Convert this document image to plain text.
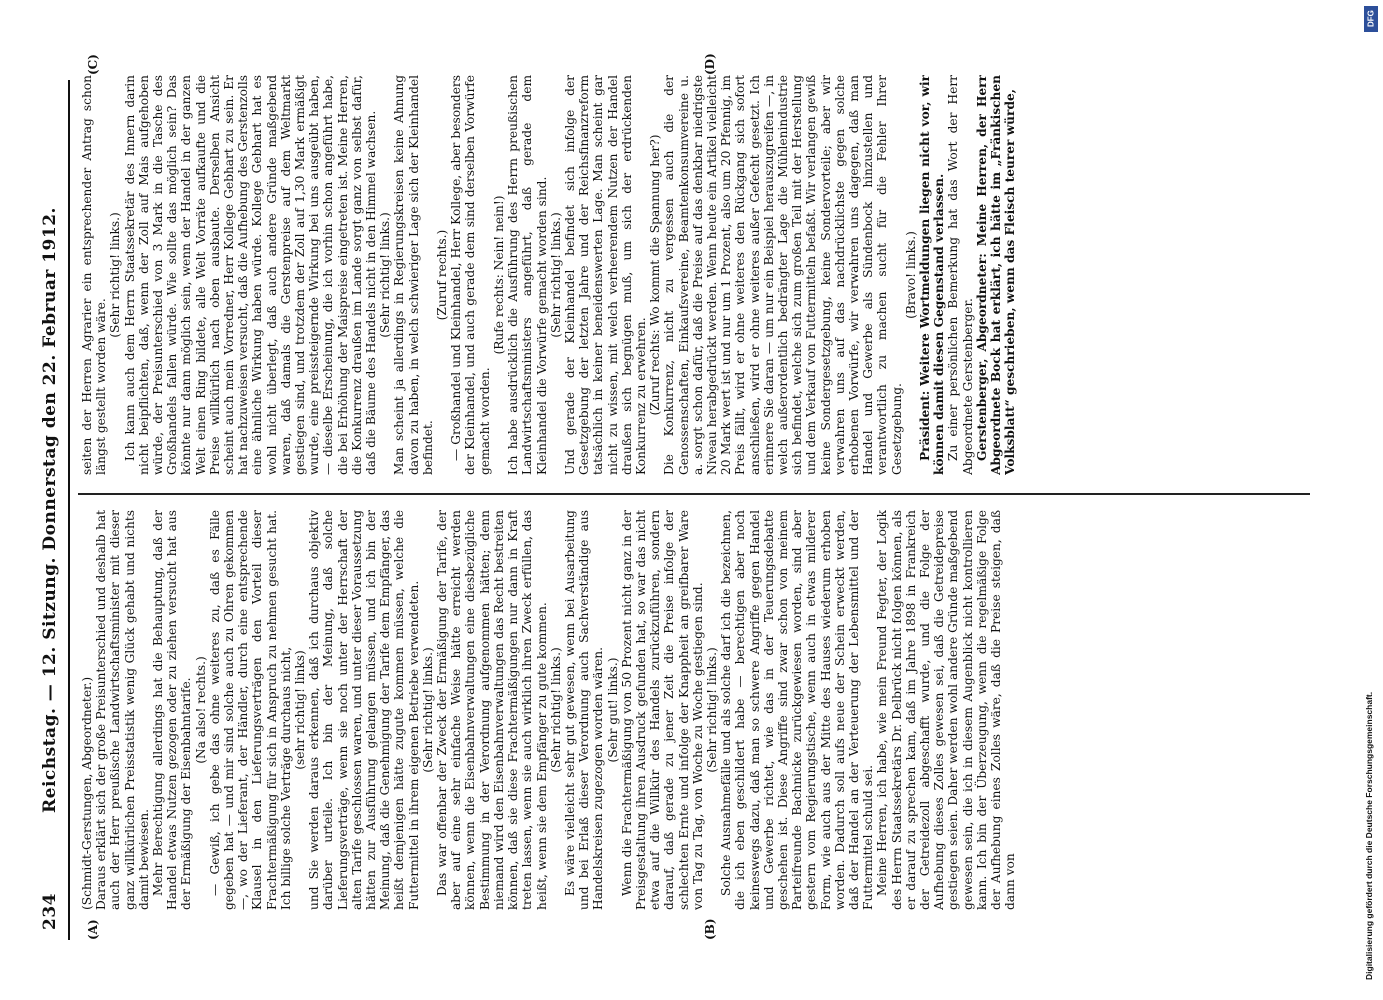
234
Reichstag. — 12. Sitzung. Donnerstag den 22. Februar 1912.
(A)	(B)
(C)	(D)

(Schmidt-Gerstungen, Abgeordneter.) Daraus erklärt sich der große Preisunterschied und deshalb hat auch der Herr preußische Landwirtschaftsminister mit dieser ganz willkürlichen Preisstatistik wenig Glück gehabt und nichts damit bewiesen. Mehr Berechtigung allerdings hat die Behauptung, daß der Handel etwas Nutzen gezogen oder zu ziehen versucht hat aus der Ermäßigung der Eisenbahntarife. (Na also! rechts.) — Gewiß, ich gebe das ohne weiteres zu, daß es Fälle gegeben hat — und mir sind solche auch zu Ohren gekommen —, wo der Lieferant, der Händler, durch eine entsprechende Klausel in den Lieferungsverträgen den Vorteil dieser Frachtermäßigung für sich in Anspruch zu nehmen gesucht hat. Ich billige solche Verträge durchaus nicht, (sehr richtig! links) und Sie werden daraus erkennen, daß ich durchaus objektiv darüber urteile. Ich bin der Meinung, daß solche Lieferungsverträge, wenn sie noch unter der Herrschaft der alten Tarife geschlossen waren, und unter dieser Voraussetzung hätten zur Ausführung gelangen müssen, und ich bin der Meinung, daß die Genehmigung der Tarife dem Empfänger, das heißt demjenigen hätte zugute kommen müssen, welche die Futtermittel in ihrem eigenen Betriebe verwendeten. (Sehr richtig! links.) Das war offenbar der Zweck der Ermäßigung der Tarife, der aber auf eine sehr einfache Weise hätte erreicht werden können, wenn die Eisenbahnverwaltungen eine diesbezügliche Bestimmung in der Verordnung aufgenommen hätten; denn niemand wird den Eisenbahnverwaltungen das Recht bestreiten können, daß sie diese Frachtermäßigungen nur dann in Kraft treten lassen, wenn sie auch wirklich ihren Zweck erfüllen, das heißt, wenn sie dem Empfänger zu gute kommen. (Sehr richtig! links.) Es wäre vielleicht sehr gut gewesen, wenn bei Ausarbeitung und bei Erlaß dieser Verordnung auch Sachverständige aus Handelskreisen zugezogen worden wären. (Sehr gut! links.) Wenn die Frachtermäßigung von 50 Prozent nicht ganz in der Preisgestaltung ihren Ausdruck gefunden hat, so war das nicht etwa auf die Willkür des Handels zurückzuführen, sondern darauf, daß gerade zu jener Zeit die Preise infolge der schlechten Ernte und infolge der Knappheit an greifbarer Ware von Tag zu Tag, von Woche zu Woche gestiegen sind. (Sehr richtig! links.) Solche Ausnahmefälle und als solche darf ich die bezeichnen, die ich eben geschildert habe — berechtigen aber noch keineswegs dazu, daß man so schwere Angriffe gegen Handel und Gewerbe richtet, wie das in der Teuerungsdebatte geschehen ist. Diese Angriffe sind zwar schon von meinem Parteifreunde Bachnicke zurückgewiesen worden, sind aber gestern vom Regierungstische, wenn auch in etwas milderer Form, wie auch aus der Mitte des Hauses wiederum erhoben worden. Dadurch soll aufs neue der Schein erweckt werden, daß der Handel an der Verteuerung der Lebensmittel und der Futtermittel schuld sei. Meine Herren, ich habe, wie mein Freund Fegter, der Logik des Herrn Staatssekretärs Dr. Delbrück nicht folgen können, als er darauf zu sprechen kam, daß im Jahre 1898 in Frankreich der Getreidezoll abgeschafft wurde, und die Folge der Aufhebung dieses Zolles gewesen sei, daß die Getreidepreise gestiegen seien. Daher werden wohl andere Gründe maßgebend gewesen sein, die ich in diesem Augenblick nicht kontrollieren kann. Ich bin der Überzeugung, wenn die regelmäßige Folge der Aufhebung eines Zolles wäre, daß die Preise steigen, daß dann von

seiten der Herren Agrarier ein entsprechender Antrag schon längst gestellt worden wäre.

(Sehr richtig! links.) Ich kann auch dem Herrn Staatssekretär des Innern darin nicht beipflichten, daß, wenn der Zoll auf Mais aufgehoben würde, der Preisunterschied von 3 Mark in die Tasche des Großhandels fallen würde. Wie sollte das möglich sein? Das könnte nur dann möglich sein, wenn der Handel in der ganzen Welt einen Ring bildete, alle Welt Vorräte aufkaufte und die Preise willkürlich nach oben ausbaute. Derselben Ansicht scheint auch mein Vorredner, Herr Kollege Gebhart zu sein. Er hat nachzuweisen versucht, daß die Aufhebung des Gerstenzolls eine ähnliche Wirkung haben würde. Kollege Gebhart hat es wohl nicht überlegt, daß auch andere Gründe maßgebend waren, daß damals die Gerstenpreise auf dem Weltmarkt gestiegen sind, und trotzdem der Zoll auf 1,30 Mark ermäßigt wurde, eine preissteigernde Wirkung bei uns ausgeübt haben, — dieselbe Erscheinung, die ich vorhin schon angeführt habe, die bei Erhöhung der Maispreise eingetreten ist. Meine Herren, die Konkurrenz draußen im Lande sorgt ganz von selbst dafür, daß die Bäume des Handels nicht in den Himmel wachsen. (Sehr richtig! links.) Man scheint ja allerdings in Regierungskreisen keine Ahnung davon zu haben, in welch schwieriger Lage sich der Kleinhandel befindet.

(Zuruf rechts.) — Großhandel und Kleinhandel, Herr Kollege, aber besonders der Kleinhandel, und auch gerade dem sind derselben Vorwürfe gemacht worden.

(Rufe rechts: Nein! nein!) Ich habe ausdrücklich die Ausführung des Herrn preußischen Landwirtschaftsministers angeführt, daß gerade dem Kleinhandel die Vorwürfe gemacht worden sind. (Sehr richtig! links.) Und gerade der Kleinhandel befindet sich infolge der Gesetzgebung der letzten Jahre und der Reichsfinanzreform tatsächlich in keiner beneidenswerten Lage. Man scheint gar nicht zu wissen, mit welch verheerendem Nutzen der Handel draußen sich begnügen muß, um sich der erdrückenden Konkurrenz zu erwehren. (Zuruf rechts: Wo kommt die Spannung her?) Die Konkurrenz, nicht zu vergessen auch die der Genossenschaften, Einkaufsvereine, Beamtenkonsumvereine u. a. sorgt schon dafür, daß die Preise auf das denkbar niedrigste Niveau herabgedrückt werden. Wenn heute ein Artikel vielleicht 20 Mark wert ist und nur um 1 Prozent, also um 20 Pfennig, im Preis fällt, wird er ohne weiteres den Rückgang sich sofort anschließen, wird er ohne weiteres außer Gefecht gesetzt. Ich erinnere Sie daran — um nur ein Beispiel herauszugreifen —, in welch außerordentlich bedrängter Lage die Mühlenindustrie sich befindet, welche sich zum großen Teil mit der Herstellung und dem Verkauf von Futtermitteln befaßt. Wir verlangen gewiß keine Sondergesetzgebung, keine Sondervorteile; aber wir verwahren uns auf das nachdrücklichste gegen solche erhobenen Vorwürfe, wir verwahren uns dagegen, daß man Handel und Gewerbe als Sündenbock hinzustellen und verantwortlich zu machen sucht für die Fehler Ihrer Gesetzgebung.

(Bravo! links.) Präsident: Weitere Wortmeldungen liegen nicht vor, wir können damit diesen Gegenstand verlassen. Zu einer persönlichen Bemerkung hat das Wort der Herr Abgeordnete Gerstenberger. Gerstenberger, Abgeordneter: Meine Herren, der Herr Abgeordnete Bock hat erklärt, ich hätte im „Fränkischen Volksblatt“ geschrieben, wenn das Fleisch teurer würde,

DFG
Digitalisierung gefördert durch die Deutsche Forschungsgemeinschaft.
